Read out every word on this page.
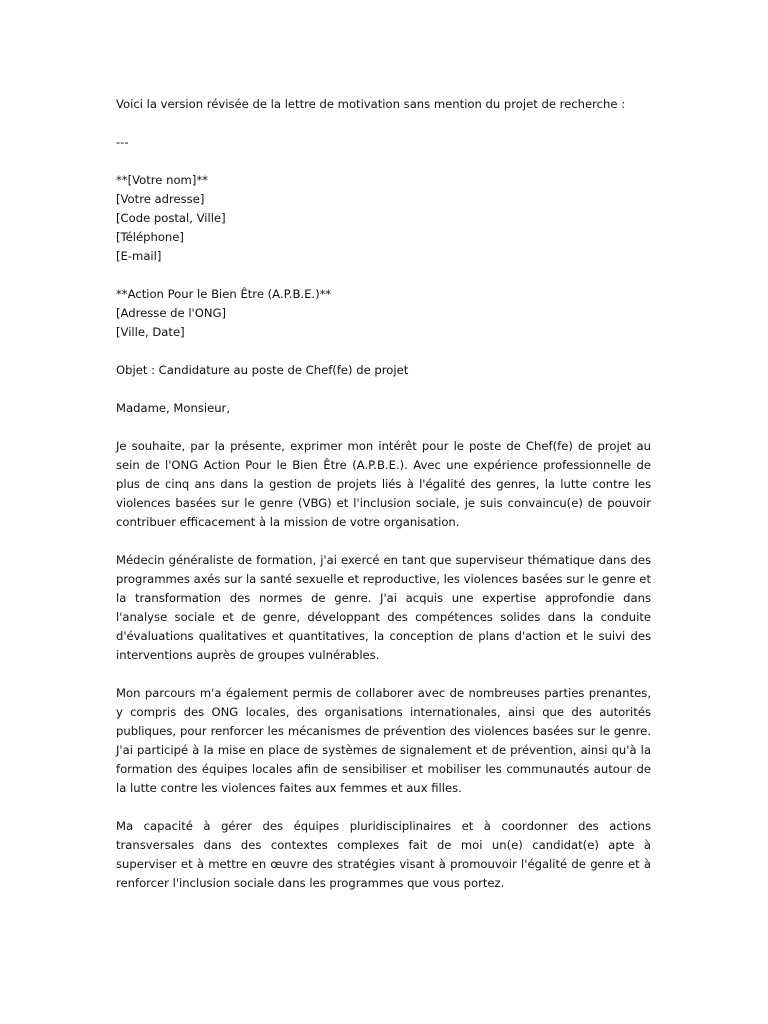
Voici la version révisée de la lettre de motivation sans mention du projet de recherche :
---
**[Votre nom]**
[Votre adresse]
[Code postal, Ville]
[Téléphone]
[E-mail]
**Action Pour le Bien Être (A.P.B.E.)**
[Adresse de l'ONG]
[Ville, Date]
Objet : Candidature au poste de Chef(fe) de projet
Madame, Monsieur,

Je souhaite, par la présente, exprimer mon intérêt pour le poste de Chef(fe) de projet au sein de l'ONG Action Pour le Bien Être (A.P.B.E.). Avec une expérience professionnelle de plus de cinq ans dans la gestion de projets liés à l'égalité des genres, la lutte contre les violences basées sur le genre (VBG) et l'inclusion sociale, je suis convaincu(e) de pouvoir contribuer efficacement à la mission de votre organisation.

Médecin généraliste de formation, j'ai exercé en tant que superviseur thématique dans des programmes axés sur la santé sexuelle et reproductive, les violences basées sur le genre et la transformation des normes de genre. J'ai acquis une expertise approfondie dans l'analyse sociale et de genre, développant des compétences solides dans la conduite d'évaluations qualitatives et quantitatives, la conception de plans d'action et le suivi des interventions auprès de groupes vulnérables.

Mon parcours m'a également permis de collaborer avec de nombreuses parties prenantes, y compris des ONG locales, des organisations internationales, ainsi que des autorités publiques, pour renforcer les mécanismes de prévention des violences basées sur le genre. J'ai participé à la mise en place de systèmes de signalement et de prévention, ainsi qu'à la formation des équipes locales afin de sensibiliser et mobiliser les communautés autour de la lutte contre les violences faites aux femmes et aux filles.

Ma capacité à gérer des équipes pluridisciplinaires et à coordonner des actions transversales dans des contextes complexes fait de moi un(e) candidat(e) apte à superviser et à mettre en œuvre des stratégies visant à promouvoir l'égalité de genre et à renforcer l'inclusion sociale dans les programmes que vous portez.
